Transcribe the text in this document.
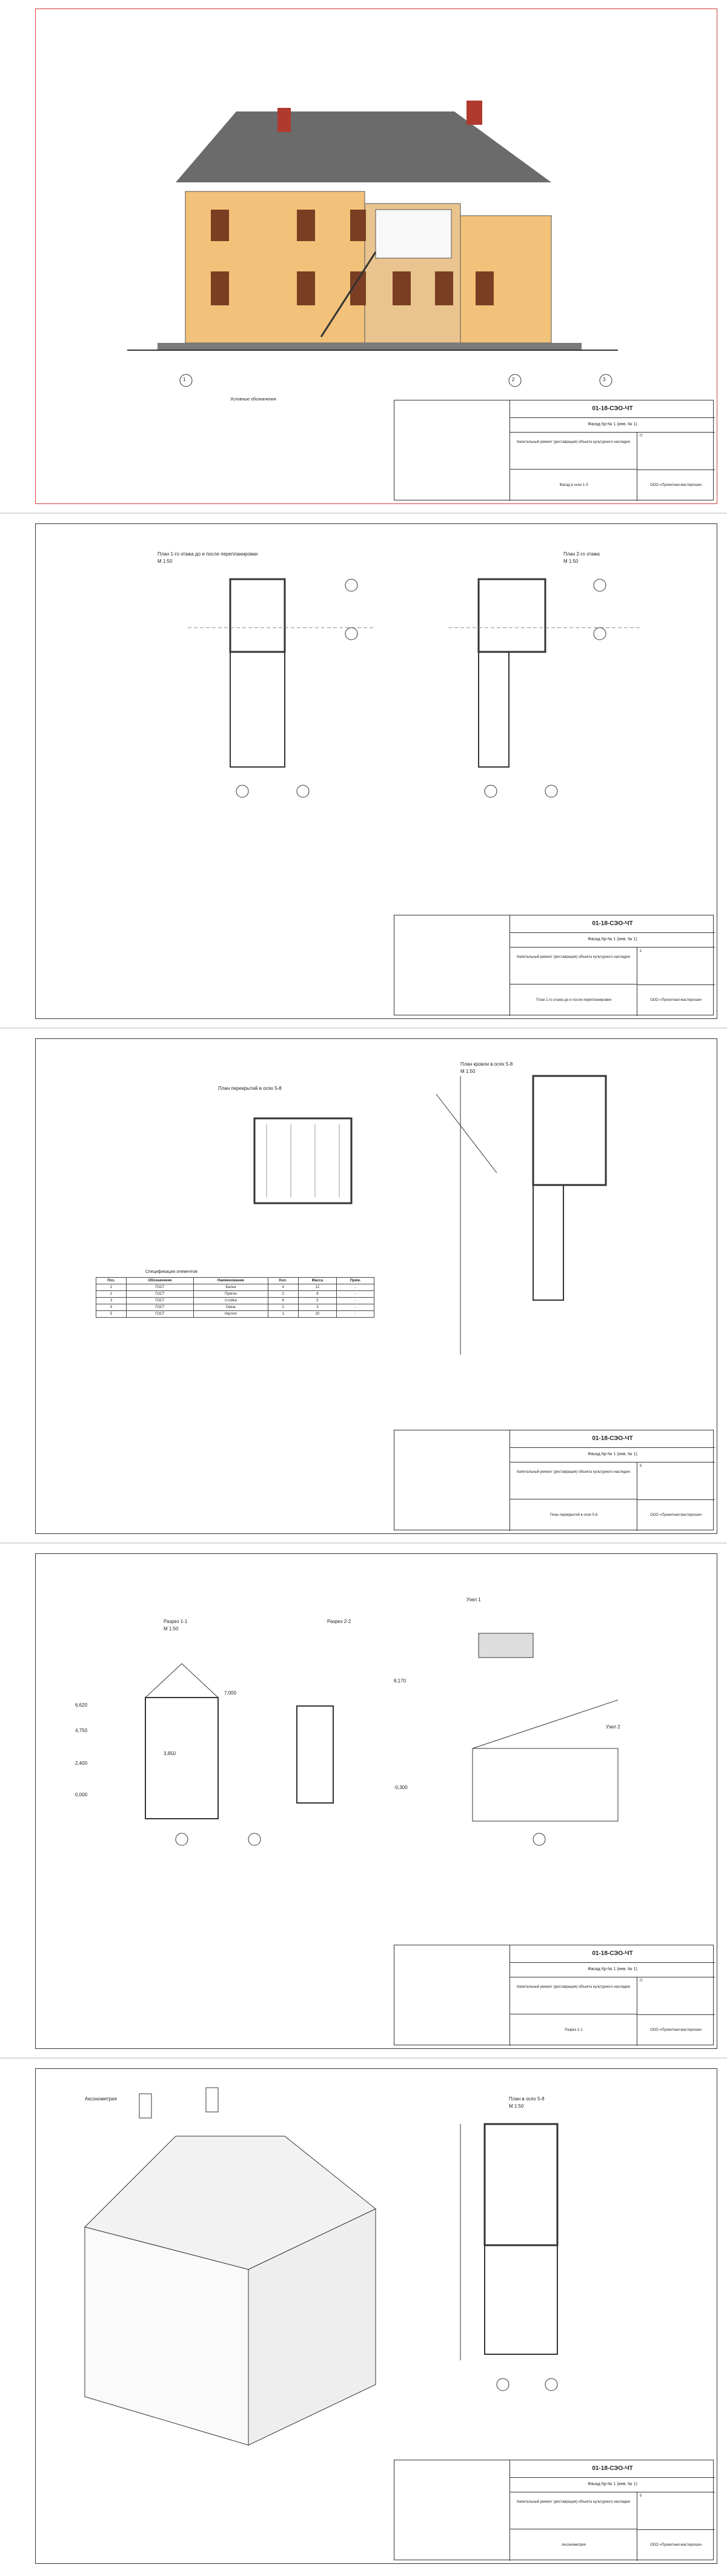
1	2	3
Условные обозначения
01-18-СЭО-ЧТ
Фасад Кр-№ 1 (инв. № 1)
Капитальный ремонт (реставрация) объекта культурного наследия
П
Фасад в осях 1-3	ООО «Проектная мастерская»
План 1-го этажа до и после перепланировки
М 1:50
План 2-го этажа
М 1:50
01-18-СЭО-ЧТ
Фасад Кр-№ 1 (инв. № 1)
Капитальный ремонт (реставрация) объекта культурного наследия
1
План 1-го этажа до и после перепланировки	ООО «Проектная мастерская»
План перекрытий в осях 5-8
План кровли в осях 5-8
М 1:50
Спецификация элементов
Поз.	Обозначение	Наименование	Кол.	Масса	Прим.
1	ГОСТ	Балка	4	12	-
2	ГОСТ	Прогон	2	8	-
3	ГОСТ	Стойка	6	5	-
4	ГОСТ	Связь	2	3	-
5	ГОСТ	Настил	1	20	-
01-18-СЭО-ЧТ
Фасад Кр-№ 1 (инв. № 1)
Капитальный ремонт (реставрация) объекта культурного наследия
5
План перекрытий в осях 5-8	ООО «Проектная мастерская»
Разрез 1-1
М 1:50
Разрез 2-2
Узел 1
Узел 2
6,620
4,750
2,400
0,000
3,850
7,000
-0,300
8,170
01-18-СЭО-ЧТ
Фасад Кр-№ 1 (инв. № 1)
Капитальный ремонт (реставрация) объекта культурного наследия
П
Разрез 1-1	ООО «Проектная мастерская»
Аксонометрия	План в осях 5-8
М 1:50
01-18-СЭО-ЧТ
Фасад Кр-№ 1 (инв. № 1)
Капитальный ремонт (реставрация) объекта культурного наследия
5
Аксонометрия	ООО «Проектная мастерская»
